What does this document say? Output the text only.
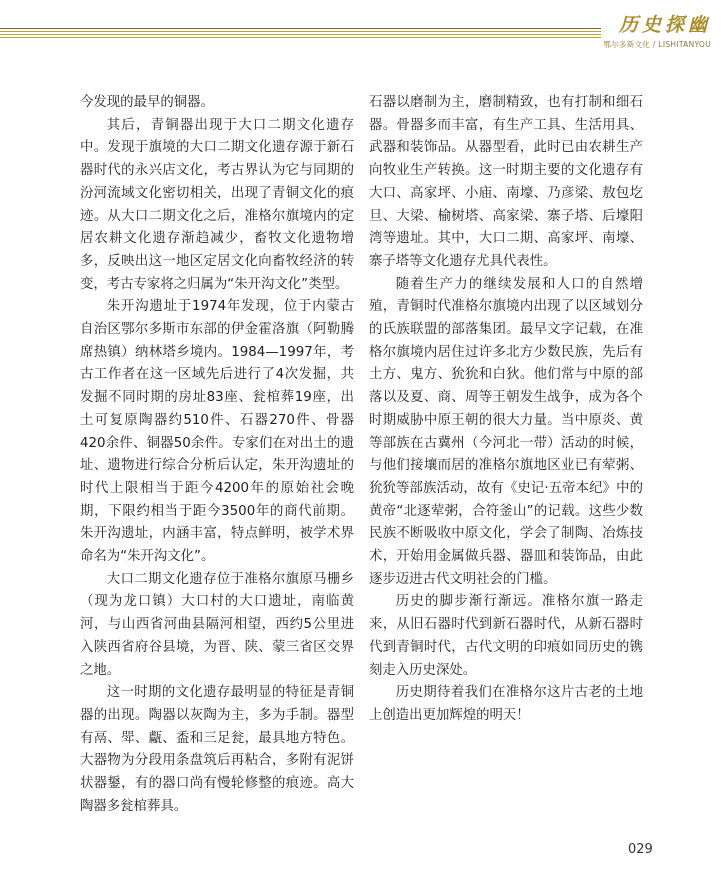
历史探幽
鄂尔多斯文化 / LISHITANYOU

今发现的最早的铜器。

其后，青铜器出现于大口二期文化遗存中。发现于旗境的大口二期文化遗存源于新石器时代的永兴店文化，考古界认为它与同期的汾河流域文化密切相关，出现了青铜文化的痕迹。从大口二期文化之后，准格尔旗境内的定居农耕文化遗存渐趋减少，畜牧文化遗物增多，反映出这一地区定居文化向畜牧经济的转变，考古专家将之归属为“朱开沟文化”类型。

朱开沟遗址于1974年发现，位于内蒙古自治区鄂尔多斯市东部的伊金霍洛旗（阿勒腾席热镇）纳林塔乡境内。1984—1997年，考古工作者在这一区域先后进行了4次发掘，共发掘不同时期的房址83座、瓮棺葬19座，出土可复原陶器约510件、石器270件、骨器420余件、铜器50余件。专家们在对出土的遗址、遗物进行综合分析后认定，朱开沟遗址的时代上限相当于距今4200年的原始社会晚期，下限约相当于距今3500年的商代前期。朱开沟遗址，内涵丰富，特点鲜明，被学术界命名为“朱开沟文化”。

大口二期文化遗存位于准格尔旗原马栅乡（现为龙口镇）大口村的大口遗址，南临黄河，与山西省河曲县隔河相望，西约5公里进入陕西省府谷县境，为晋、陕、蒙三省区交界之地。

这一时期的文化遗存最明显的特征是青铜器的出现。陶器以灰陶为主，多为手制。器型有鬲、斝、甗、盉和三足瓮，最具地方特色。大器物为分段用条盘筑后再粘合，多附有泥饼状器鋬，有的器口尚有慢轮修整的痕迹。高大陶器多瓮棺葬具。

石器以磨制为主，磨制精致，也有打制和细石器。骨器多而丰富，有生产工具、生活用具、武器和装饰品。从器型看，此时已由农耕生产向牧业生产转换。这一时期主要的文化遗存有大口、高家坪、小庙、南壕、乃彦梁、敖包圪旦、大梁、榆树塔、高家梁、寨子塔、后壕阳湾等遗址。其中，大口二期、高家坪、南壕、寨子塔等文化遗存尤具代表性。

随着生产力的继续发展和人口的自然增殖，青铜时代准格尔旗境内出现了以区域划分的氏族联盟的部落集团。最早文字记载，在准格尔旗境内居住过许多北方少数民族，先后有土方、鬼方、狁狁和白狄。他们常与中原的部落以及夏、商、周等王朝发生战争，成为各个时期威胁中原王朝的很大力量。当中原炎、黄等部族在古冀州（今河北一带）活动的时候，与他们接壤而居的准格尔旗地区业已有荤粥、狁狁等部族活动，故有《史记·五帝本纪》中的黄帝“北逐荤粥，合符釜山”的记载。这些少数民族不断吸收中原文化，学会了制陶、冶炼技术，开始用金属做兵器、器皿和装饰品，由此逐步迈进古代文明社会的门槛。

历史的脚步渐行渐远。准格尔旗一路走来，从旧石器时代到新石器时代，从新石器时代到青铜时代，古代文明的印痕如同历史的镌刻走入历史深处。

历史期待着我们在准格尔这片古老的土地上创造出更加辉煌的明天！

029
